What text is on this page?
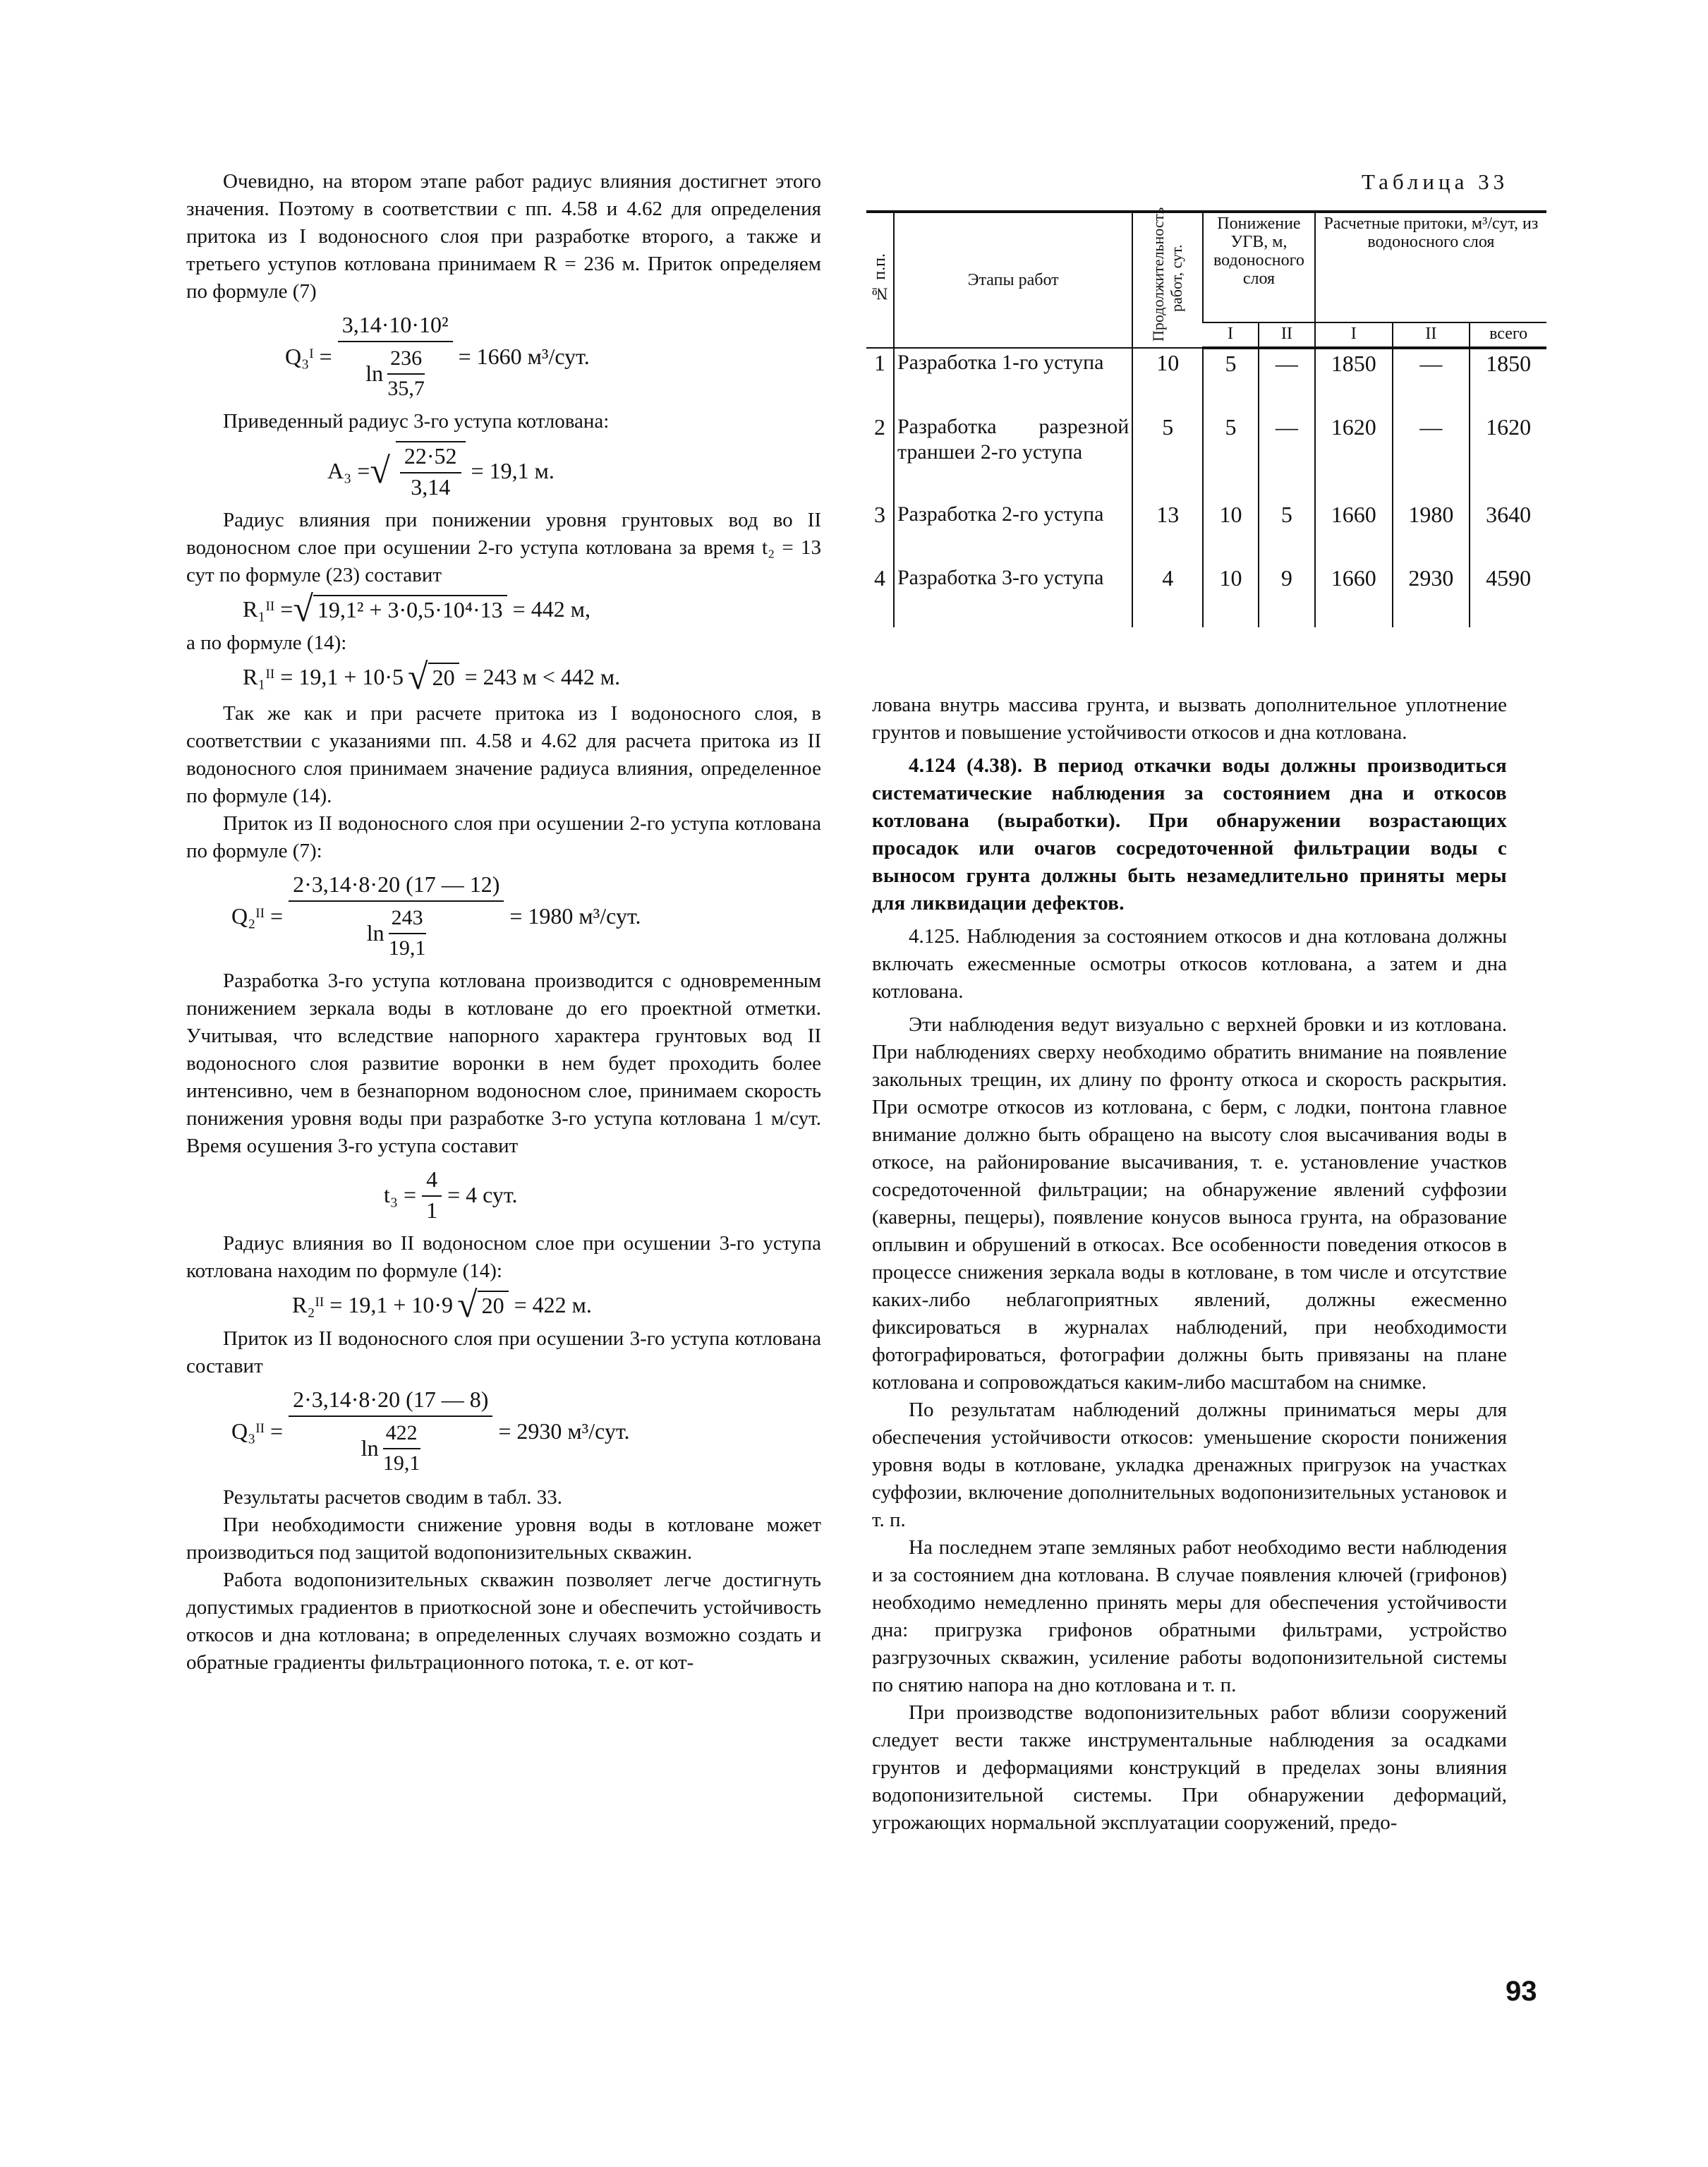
Очевидно, на втором этапе работ радиус влияния достигнет этого значения. Поэтому в соответствии с пп. 4.58 и 4.62 для определения притока из I водоносного слоя при разработке второго, а также и третьего уступов котлована принимаем R = 236 м. Приток определяем по формуле (7)

Q₃ᴵ = $\frac{\text{3,14·10·10²}}{\ln \frac{236}{35,7}} = 1660$ м³/сут.

Приведенный радиус 3-го уступа котлована:

A₃ = √ $\frac{22\cdot 52}{3,14} = 19,1$ м.

Радиус влияния при понижении уровня грунтовых вод во II водоносном слое при осушении 2-го уступа котлована за время t₂ = 13 сут по формуле (23) составит

R₁ᴵᴵ = √ 19,1² + 3·0,5·10⁴·13 = 442 м,

а по формуле (14):

R₁ᴵᴵ = 19,1 + 10·5 √ 20 = 243 м < 442 м.

Так же как и при расчете притока из I водоносного слоя, в соответствии с указаниями пп. 4.58 и 4.62 для расчета притока из II водоносного слоя принимаем значение радиуса влияния, определенное по формуле (14).

Приток из II водоносного слоя при осушении 2-го уступа котлована по формуле (7):

Q₂ᴵᴵ = $\frac{2\cdot 3,14\cdot 8\cdot 20 (17 — 12)}{\ln \frac{243}{19,1}} = 1980$ м³/сут.

Разработка 3-го уступа котлована производится с одновременным понижением зеркала воды в котловане до его проектной отметки. Учитывая, что вследствие напорного характера грунтовых вод II водоносного слоя развитие воронки в нем будет проходить более интенсивно, чем в безнапорном водоносном слое, принимаем скорость понижения уровня воды при разработке 3-го уступа котлована 1 м/сут. Время осушения 3-го уступа составит

$t_3 = \frac{4}{1} = 4$ сут.

Радиус влияния во II водоносном слое при осушении 3-го уступа котлована находим по формуле (14):

R₂ᴵᴵ = 19,1 + 10·9 √ 20 = 422 м.

Приток из II водоносного слоя при осушении 3-го уступа котлована составит

Q₃ᴵᴵ = $\frac{2\cdot 3,14\cdot 8\cdot 20 (17 — 8)}{\ln \frac{422}{19,1}} = 2930$ м³/сут.

Результаты расчетов сводим в табл. 33.

При необходимости снижение уровня воды в котловане может производиться под защитой водопонизительных скважин.

Работа водопонизительных скважин позволяет легче достигнуть допустимых градиентов в приоткосной зоне и обеспечить устойчивость откосов и дна котлована; в определенных случаях возможно создать и обратные градиенты фильтрационного потока, т. е. от кот-

Таблица 33
№ п.п.	Этапы работ	Продолжительность работ, сут.	Понижение УГВ, м, водоносного слоя		Расчетные притоки, м³/сут, из водоносного слоя		
			I	II	I	II	всего
1	Разработка 1-го уступа	10	5	—	1850	—	1850
2	Разработка разрезной траншеи 2-го уступа	5	5	—	1620	—	1620
3	Разработка 2-го уступа	13	10	5	1660	1980	3640
4	Разработка 3-го уступа	4	10	9	1660	2930	4590

лована внутрь массива грунта, и вызвать дополнительное уплотнение грунтов и повышение устойчивости откосов и дна котлована.

4.124 (4.38). В период откачки воды должны производиться систематические наблюдения за состоянием дна и откосов котлована (выработки). При обнаружении возрастающих просадок или очагов сосредоточенной фильтрации воды с выносом грунта должны быть незамедлительно приняты меры для ликвидации дефектов.

4.125. Наблюдения за состоянием откосов и дна котлована должны включать ежесменные осмотры откосов котлована, а затем и дна котлована.

Эти наблюдения ведут визуально с верхней бровки и из котлована. При наблюдениях сверху необходимо обратить внимание на появление закольных трещин, их длину по фронту откоса и скорость раскрытия. При осмотре откосов из котлована, с берм, с лодки, понтона главное внимание должно быть обращено на высоту слоя высачивания воды в откосе, на районирование высачивания, т. е. установление участков сосредоточенной фильтрации; на обнаружение явлений суффозии (каверны, пещеры), появление конусов выноса грунта, на образование оплывин и обрушений в откосах. Все особенности поведения откосов в процессе снижения зеркала воды в котловане, в том числе и отсутствие каких-либо неблагоприятных явлений, должны ежесменно фиксироваться в журналах наблюдений, при необходимости фотографироваться, фотографии должны быть привязаны на плане котлована и сопровождаться каким-либо масштабом на снимке.

По результатам наблюдений должны приниматься меры для обеспечения устойчивости откосов: уменьшение скорости понижения уровня воды в котловане, укладка дренажных пригрузок на участках суффозии, включение дополнительных водопонизительных установок и т. п.

На последнем этапе земляных работ необходимо вести наблюдения и за состоянием дна котлована. В случае появления ключей (грифонов) необходимо немедленно принять меры для обеспечения устойчивости дна: пригрузка грифонов обратными фильтрами, устройство разгрузочных скважин, усиление работы водопонизительной системы по снятию напора на дно котлована и т. п.

При производстве водопонизительных работ вблизи сооружений следует вести также инструментальные наблюдения за осадками грунтов и деформациями конструкций в пределах зоны влияния водопонизительной системы. При обнаружении деформаций, угрожающих нормальной эксплуатации сооружений, предо-

93
